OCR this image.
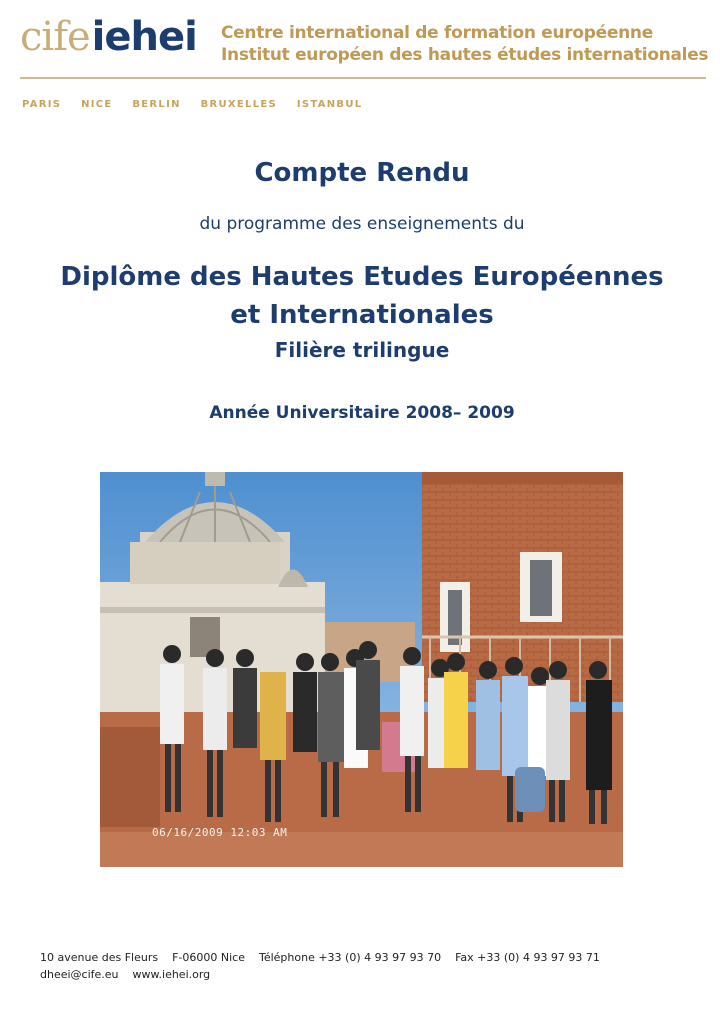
cifeiehei Centre international de formation européenne
Institut européen des hautes études internationales
PARIS NICE BERLIN BRUXELLES ISTANBUL
Compte Rendu
du programme des enseignements du
Diplôme des Hautes Etudes Européennes
et Internationales
Filière trilingue
Année Universitaire 2008– 2009
06/16/2009 12:03 AM
10 avenue des Fleurs F-06000 Nice Téléphone +33 (0) 4 93 97 93 70 Fax +33 (0) 4 93 97 93 71
dheei@cife.eu www.iehei.org
